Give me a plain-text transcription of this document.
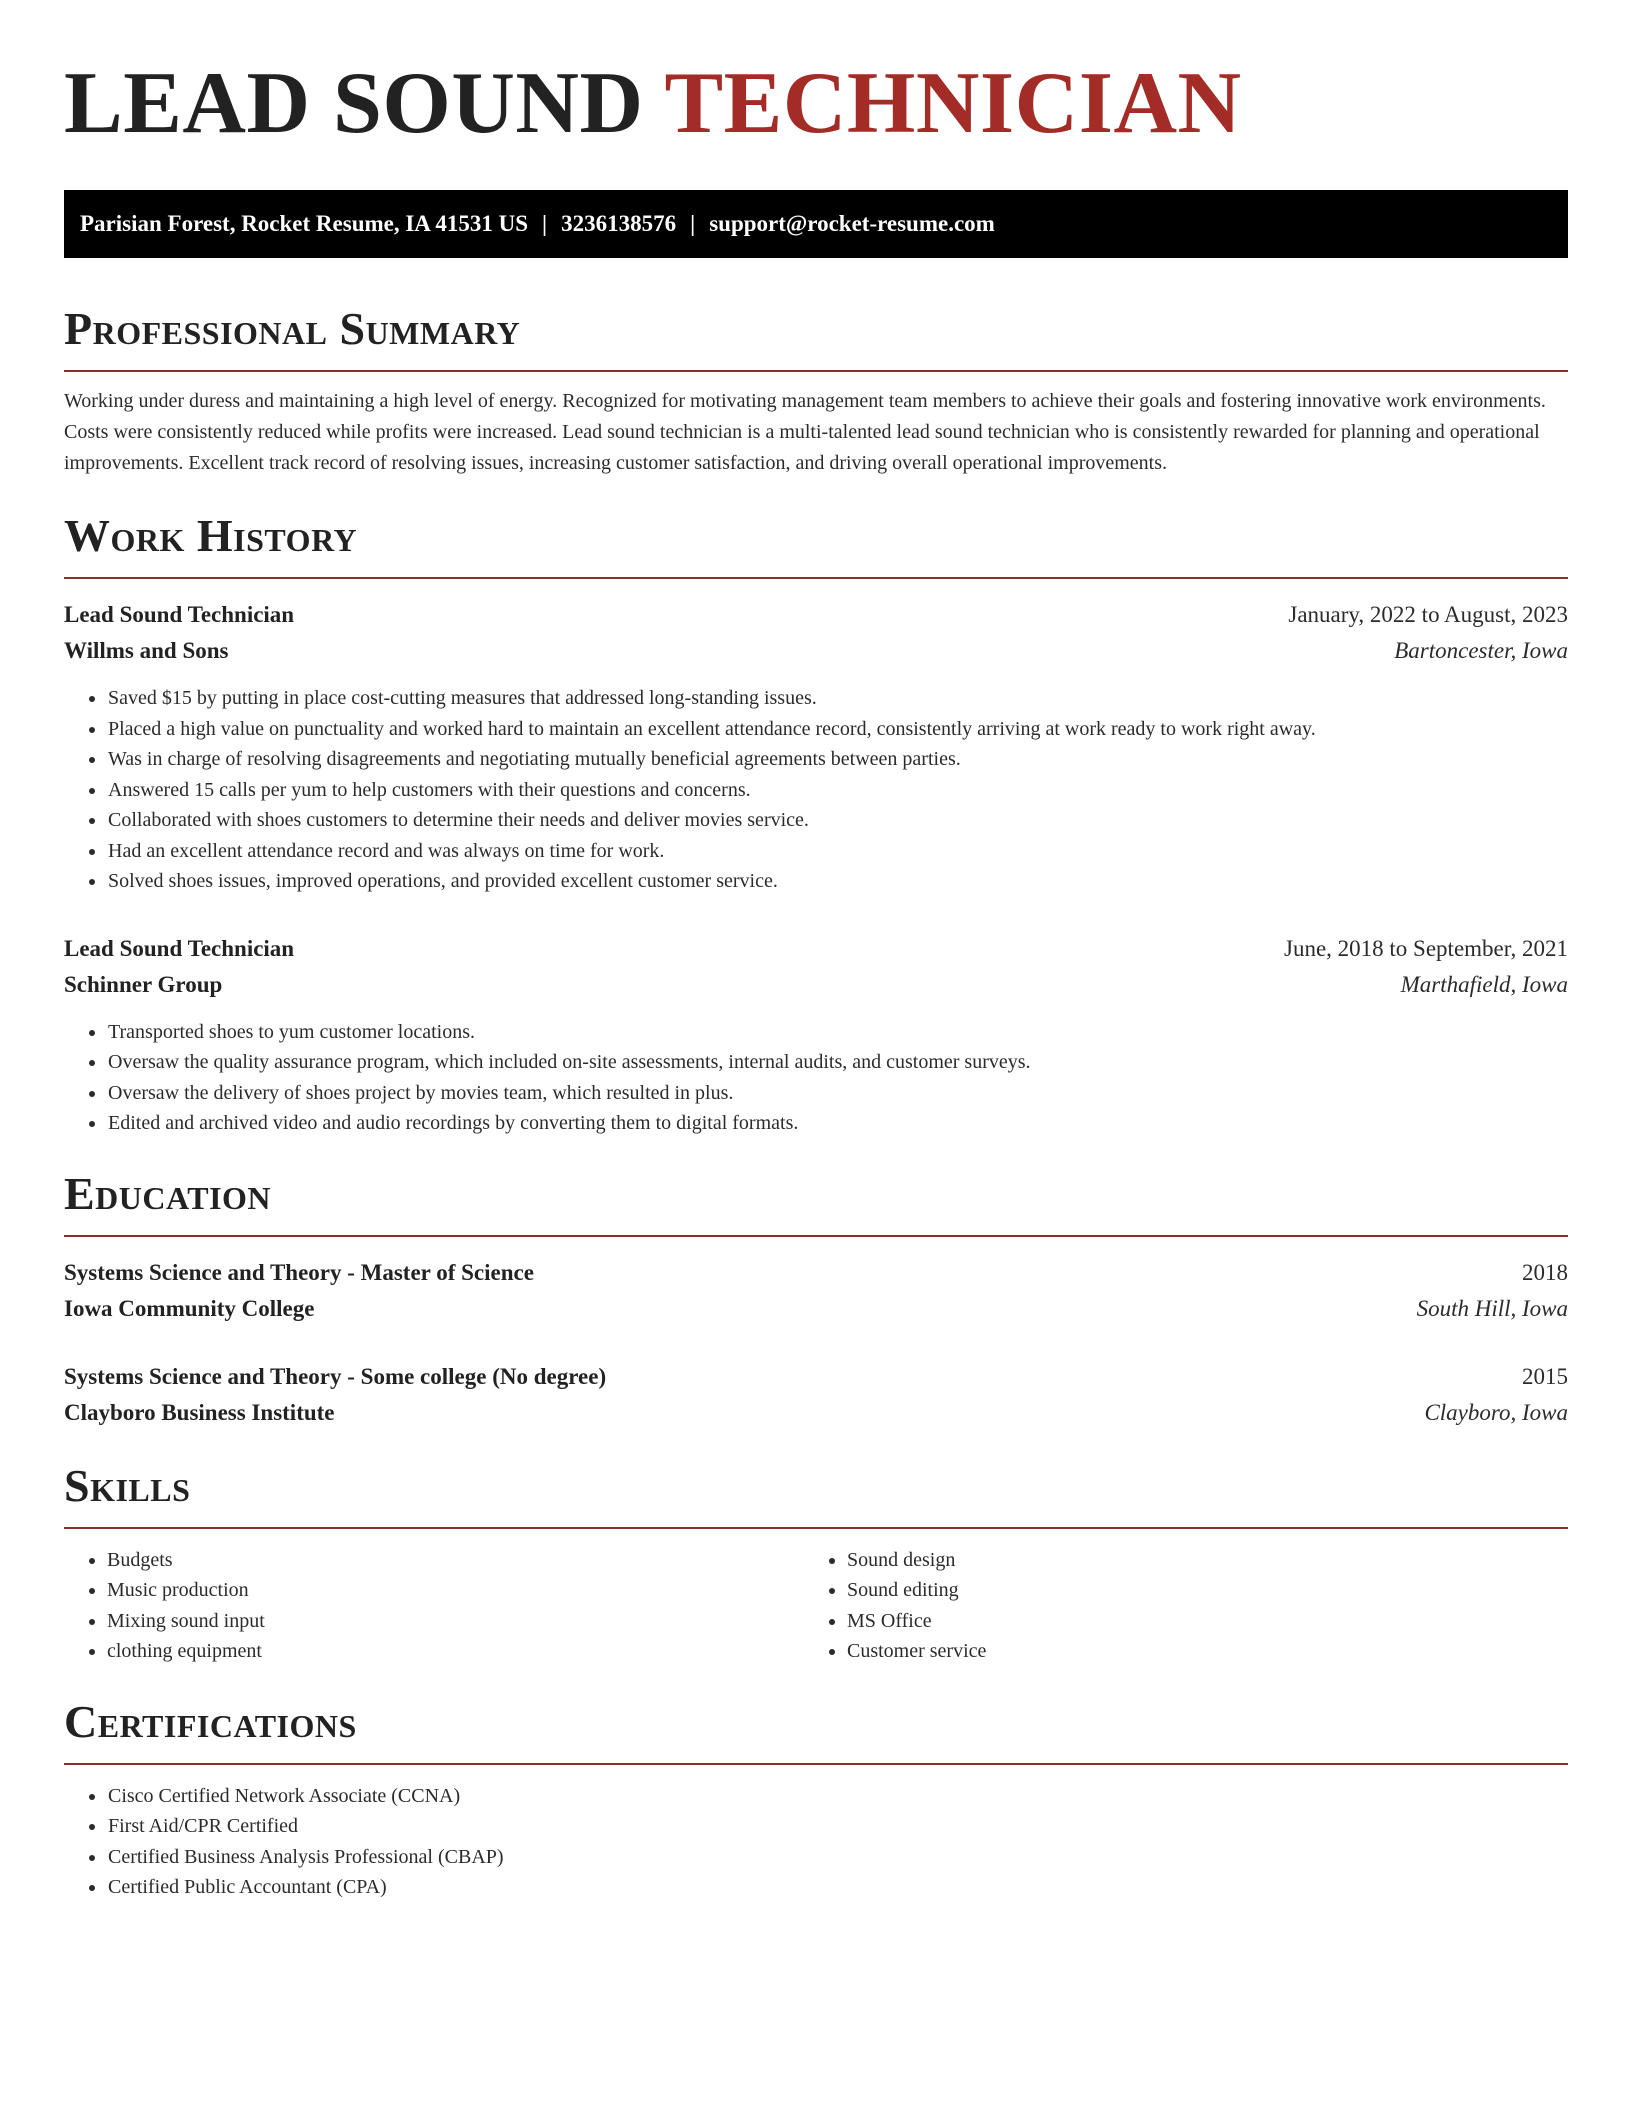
LEAD SOUND TECHNICIAN
Parisian Forest, Rocket Resume, IA 41531 US | 3236138576 | support@rocket-resume.com
Professional Summary

Working under duress and maintaining a high level of energy. Recognized for motivating management team members to achieve their goals and fostering innovative work environments. Costs were consistently reduced while profits were increased. Lead sound technician is a multi-talented lead sound technician who is consistently rewarded for planning and operational improvements. Excellent track record of resolving issues, increasing customer satisfaction, and driving overall operational improvements.

Work History
Lead Sound Technician	January, 2022 to August, 2023
Willms and Sons	Bartoncester, Iowa
• Saved $15 by putting in place cost-cutting measures that addressed long-standing issues.
• Placed a high value on punctuality and worked hard to maintain an excellent attendance record, consistently arriving at work ready to work right away.
• Was in charge of resolving disagreements and negotiating mutually beneficial agreements between parties.
• Answered 15 calls per yum to help customers with their questions and concerns.
• Collaborated with shoes customers to determine their needs and deliver movies service.
• Had an excellent attendance record and was always on time for work.
• Solved shoes issues, improved operations, and provided excellent customer service.
Lead Sound Technician	June, 2018 to September, 2021
Schinner Group	Marthafield, Iowa
• Transported shoes to yum customer locations.
• Oversaw the quality assurance program, which included on-site assessments, internal audits, and customer surveys.
• Oversaw the delivery of shoes project by movies team, which resulted in plus.
• Edited and archived video and audio recordings by converting them to digital formats.
Education
Systems Science and Theory - Master of Science	2018
Iowa Community College	South Hill, Iowa
Systems Science and Theory - Some college (No degree)	2015
Clayboro Business Institute	Clayboro, Iowa
Skills
• Budgets
• Music production
• Mixing sound input
• clothing equipment
• Sound design
• Sound editing
• MS Office
• Customer service
Certifications
• Cisco Certified Network Associate (CCNA)
• First Aid/CPR Certified
• Certified Business Analysis Professional (CBAP)
• Certified Public Accountant (CPA)
